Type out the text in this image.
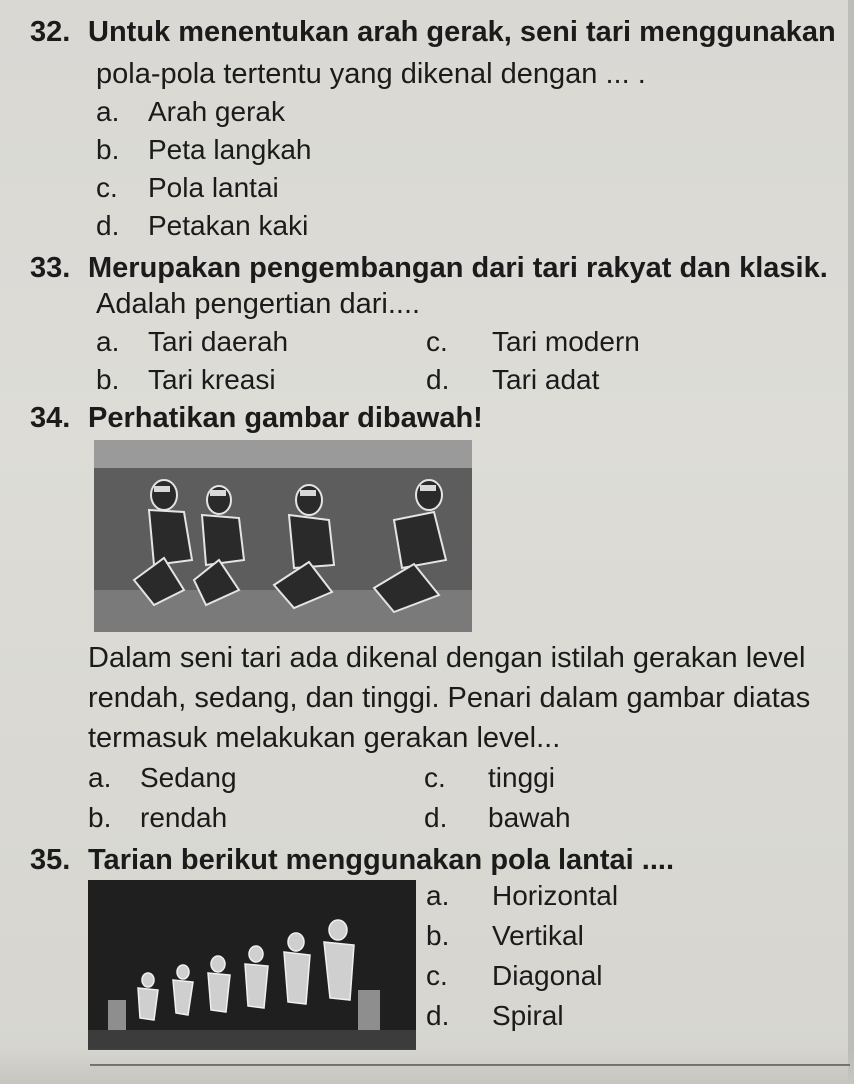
32. Untuk menentukan arah gerak, seni tari menggunakan
pola-pola tertentu yang dikenal dengan ... .
a. Arah gerak
b. Peta langkah
c. Pola lantai
d. Petakan kaki
33. Merupakan pengembangan dari tari rakyat dan klasik.
Adalah pengertian dari....
a. Tari daerah	c. Tari modern
b. Tari kreasi	d. Tari adat
34. Perhatikan gambar dibawah!
Dalam seni tari ada dikenal dengan istilah gerakan level
rendah, sedang, dan tinggi. Penari dalam gambar diatas
termasuk melakukan gerakan level...
a. Sedang	c. tinggi
b. rendah	d. bawah
35. Tarian berikut menggunakan pola lantai ....
a. Horizontal
b. Vertikal
c. Diagonal
d. Spiral
